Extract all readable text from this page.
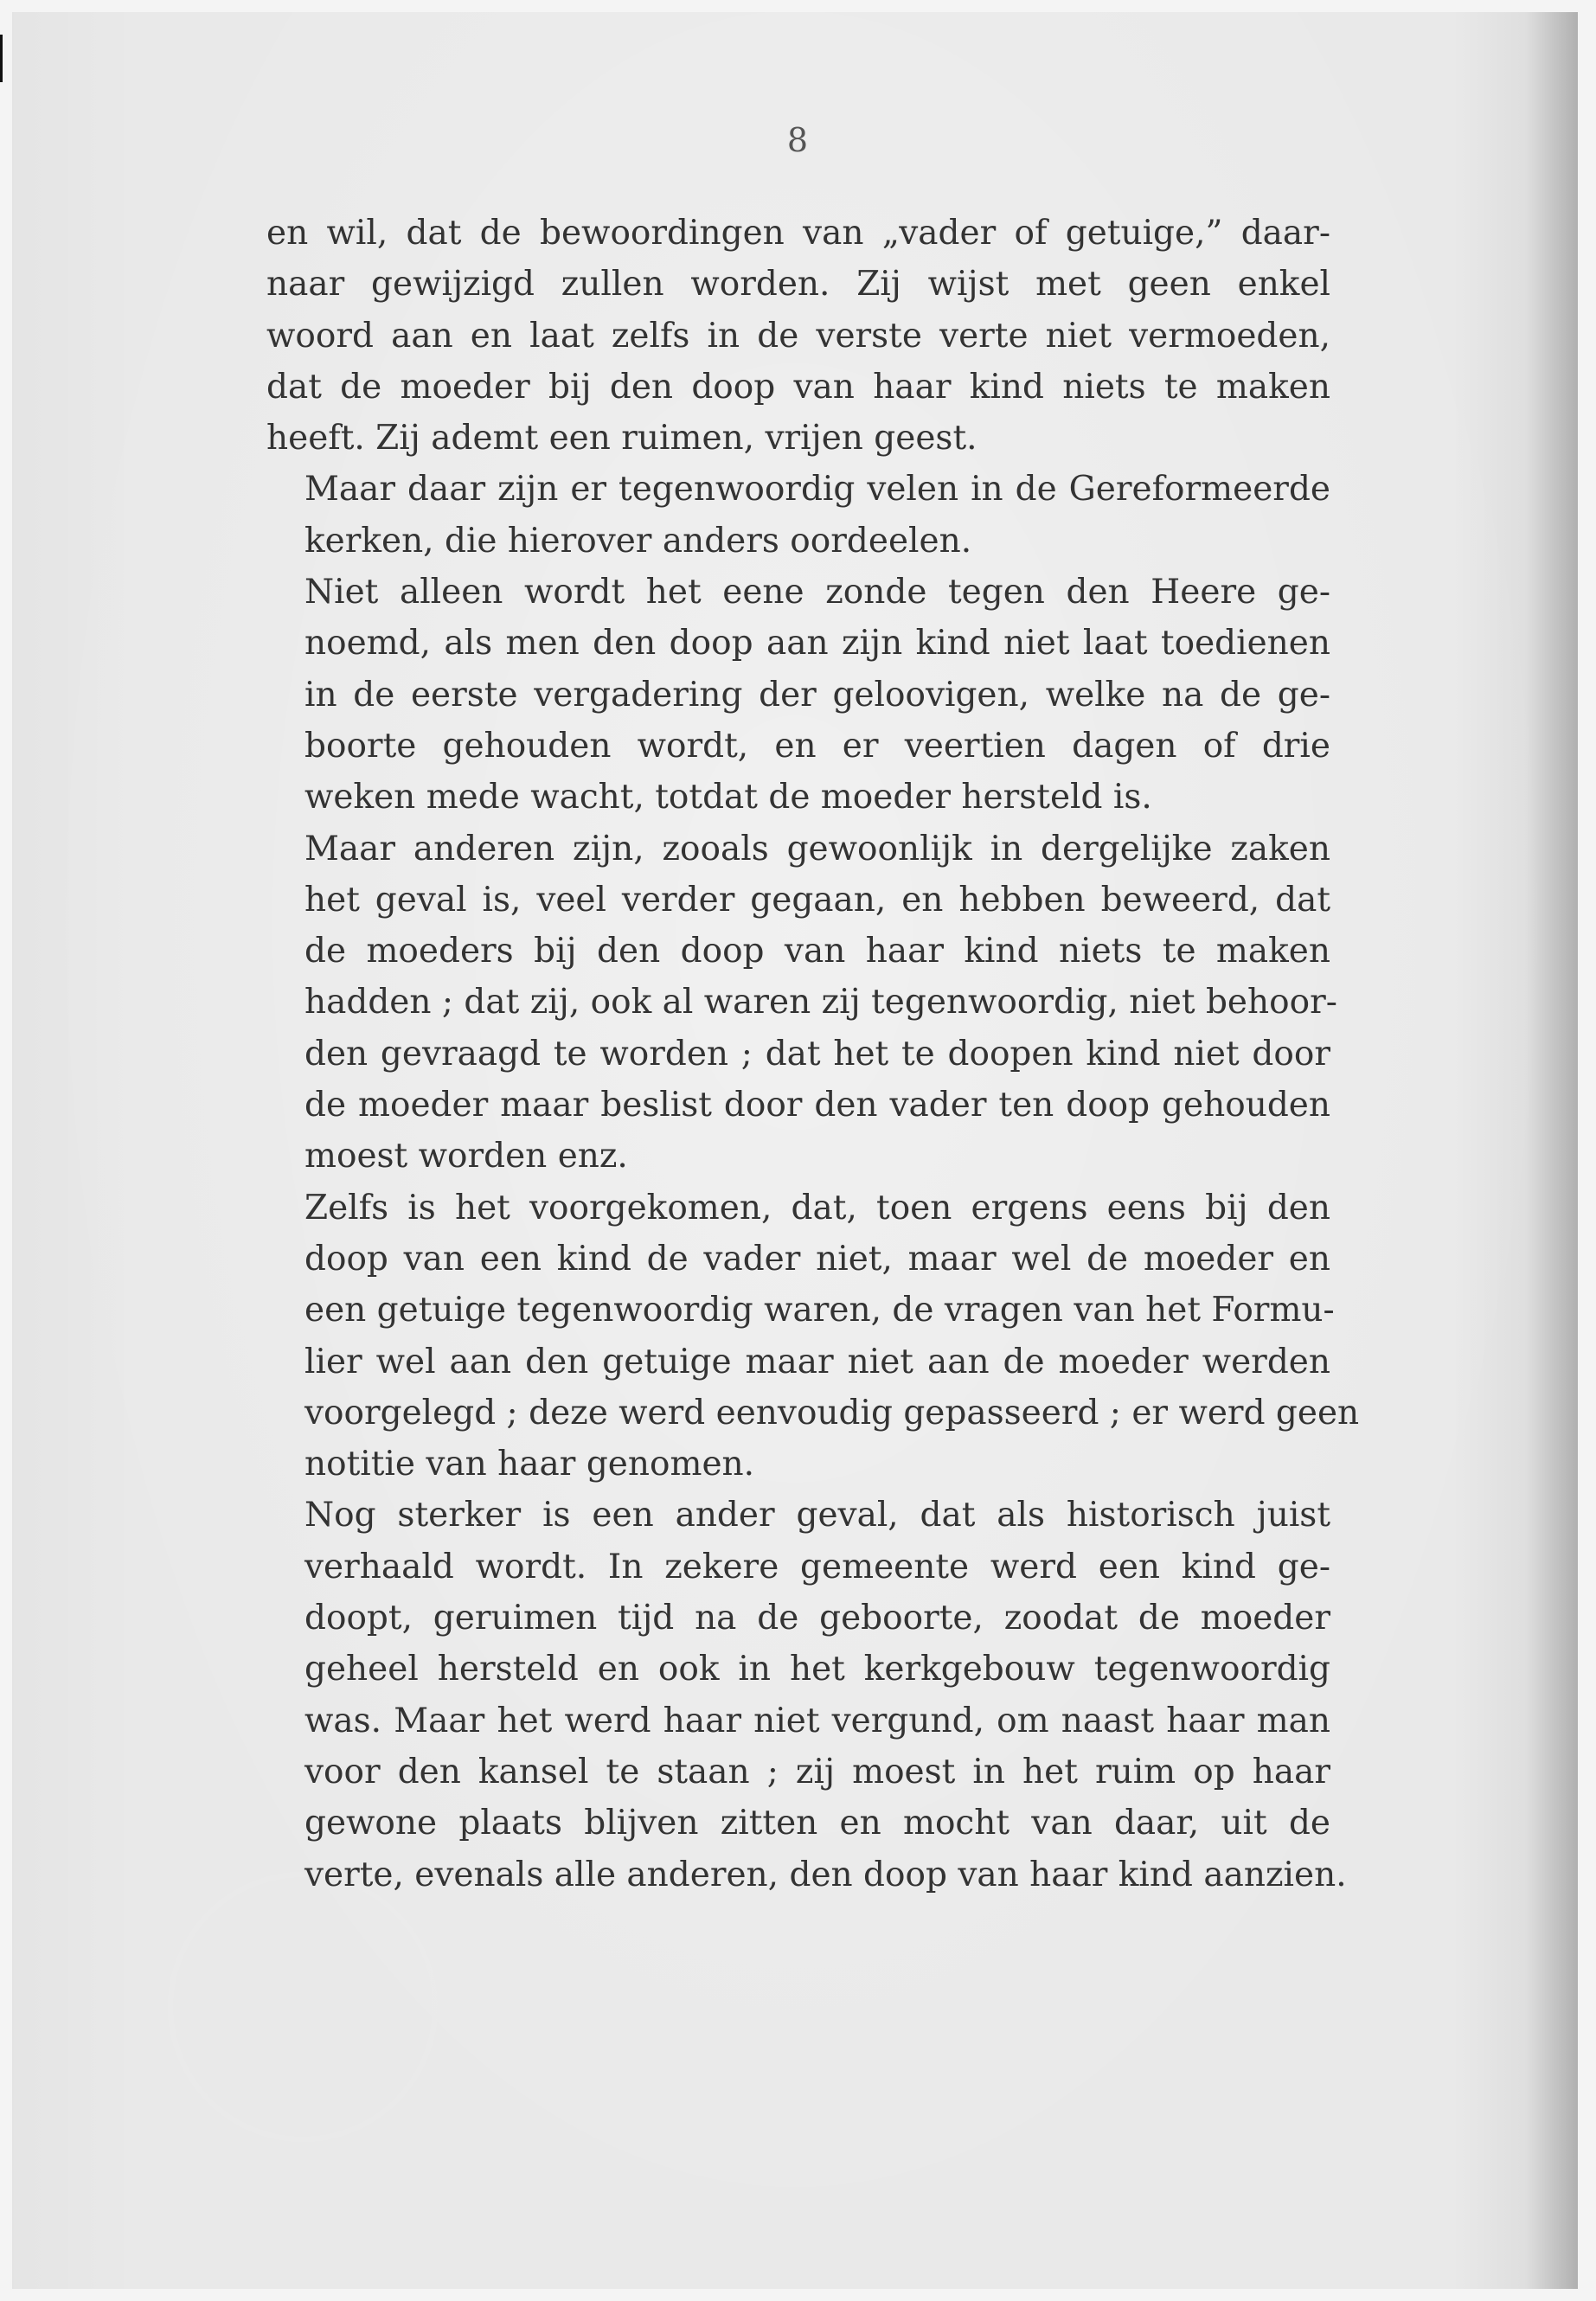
8

en wil, dat de bewoordingen van „vader of getuige,” daar-
naar gewijzigd zullen worden. Zij wijst met geen enkel
woord aan en laat zelfs in de verste verte niet vermoeden,
dat de moeder bij den doop van haar kind niets te maken
heeft. Zij ademt een ruimen, vrijen geest.

Maar daar zijn er tegenwoordig velen in de Gereformeerde
kerken, die hierover anders oordeelen.

Niet alleen wordt het eene zonde tegen den Heere ge-
noemd, als men den doop aan zijn kind niet laat toedienen
in de eerste vergadering der geloovigen, welke na de ge-
boorte gehouden wordt, en er veertien dagen of drie
weken mede wacht, totdat de moeder hersteld is.

Maar anderen zijn, zooals gewoonlijk in dergelijke zaken
het geval is, veel verder gegaan, en hebben beweerd, dat
de moeders bij den doop van haar kind niets te maken
hadden ; dat zij, ook al waren zij tegenwoordig, niet behoor-
den gevraagd te worden ; dat het te doopen kind niet door
de moeder maar beslist door den vader ten doop gehouden
moest worden enz.

Zelfs is het voorgekomen, dat, toen ergens eens bij den
doop van een kind de vader niet, maar wel de moeder en
een getuige tegenwoordig waren, de vragen van het Formu-
lier wel aan den getuige maar niet aan de moeder werden
voorgelegd ; deze werd eenvoudig gepasseerd ; er werd geen
notitie van haar genomen.

Nog sterker is een ander geval, dat als historisch juist
verhaald wordt. In zekere gemeente werd een kind ge-
doopt, geruimen tijd na de geboorte, zoodat de moeder
geheel hersteld en ook in het kerkgebouw tegenwoordig
was. Maar het werd haar niet vergund, om naast haar man
voor den kansel te staan ; zij moest in het ruim op haar
gewone plaats blijven zitten en mocht van daar, uit de
verte, evenals alle anderen, den doop van haar kind aanzien.
